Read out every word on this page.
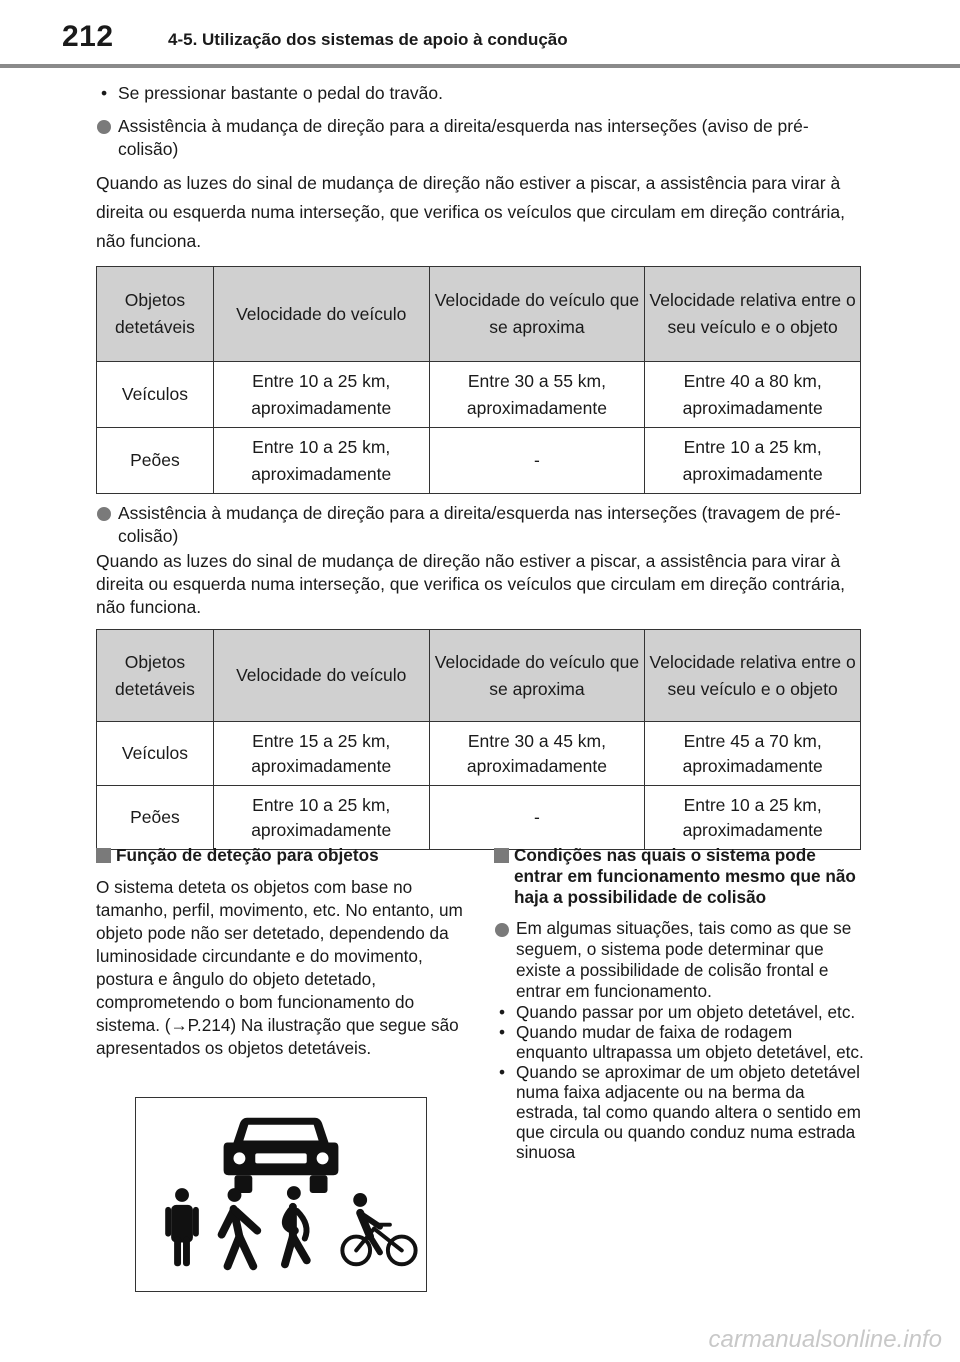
212	4-5. Utilização dos sistemas de apoio à condução
• Se pressionar bastante o pedal do travão.
Assistência à mudança de direção para a direita/esquerda nas interseções (aviso de pré-colisão)

Quando as luzes do sinal de mudança de direção não estiver a piscar, a assistência para virar à direita ou esquerda numa interseção, que verifica os veículos que circulam em direção contrária, não funciona.

Objetos detetáveis	Velocidade do veículo	Velocidade do veículo que se aproxima	Velocidade relativa entre o seu veículo e o objeto
Veículos	Entre 10 a 25 km, aproximadamente	Entre 30 a 55 km, aproximadamente	Entre 40 a 80 km, aproximadamente
Peões	Entre 10 a 25 km, aproximadamente	-	Entre 10 a 25 km, aproximadamente
Assistência à mudança de direção para a direita/esquerda nas interseções (travagem de pré-colisão)

Quando as luzes do sinal de mudança de direção não estiver a piscar, a assistência para virar à direita ou esquerda numa interseção, que verifica os veículos que circulam em direção contrária, não funciona.

Objetos detetáveis	Velocidade do veículo	Velocidade do veículo que se aproxima	Velocidade relativa entre o seu veículo e o objeto
Veículos	Entre 15 a 25 km, aproximadamente	Entre 30 a 45 km, aproximadamente	Entre 45 a 70 km, aproximadamente
Peões	Entre 10 a 25 km, aproximadamente	-	Entre 10 a 25 km, aproximadamente
Função de deteção para objetos

O sistema deteta os objetos com base no tamanho, perfil, movimento, etc. No entanto, um objeto pode não ser detetado, dependendo da luminosidade circundante e do movimento, postura e ângulo do objeto detetado, comprometendo o bom funcionamento do sistema. (→P.214) Na ilustração que segue são apresentados os objetos detetáveis.

Condições nas quais o sistema pode entrar em funcionamento mesmo que não haja a possibilidade de colisão
Em algumas situações, tais como as que se seguem, o sistema pode determinar que existe a possibilidade de colisão frontal e entrar em funcionamento.
• Quando passar por um objeto detetável, etc.
• Quando mudar de faixa de rodagem enquanto ultrapassa um objeto detetável, etc.
• Quando se aproximar de um objeto detetável numa faixa adjacente ou na berma da estrada, tal como quando altera o sentido em que circula ou quando conduz numa estrada sinuosa
carmanualsonline.info
